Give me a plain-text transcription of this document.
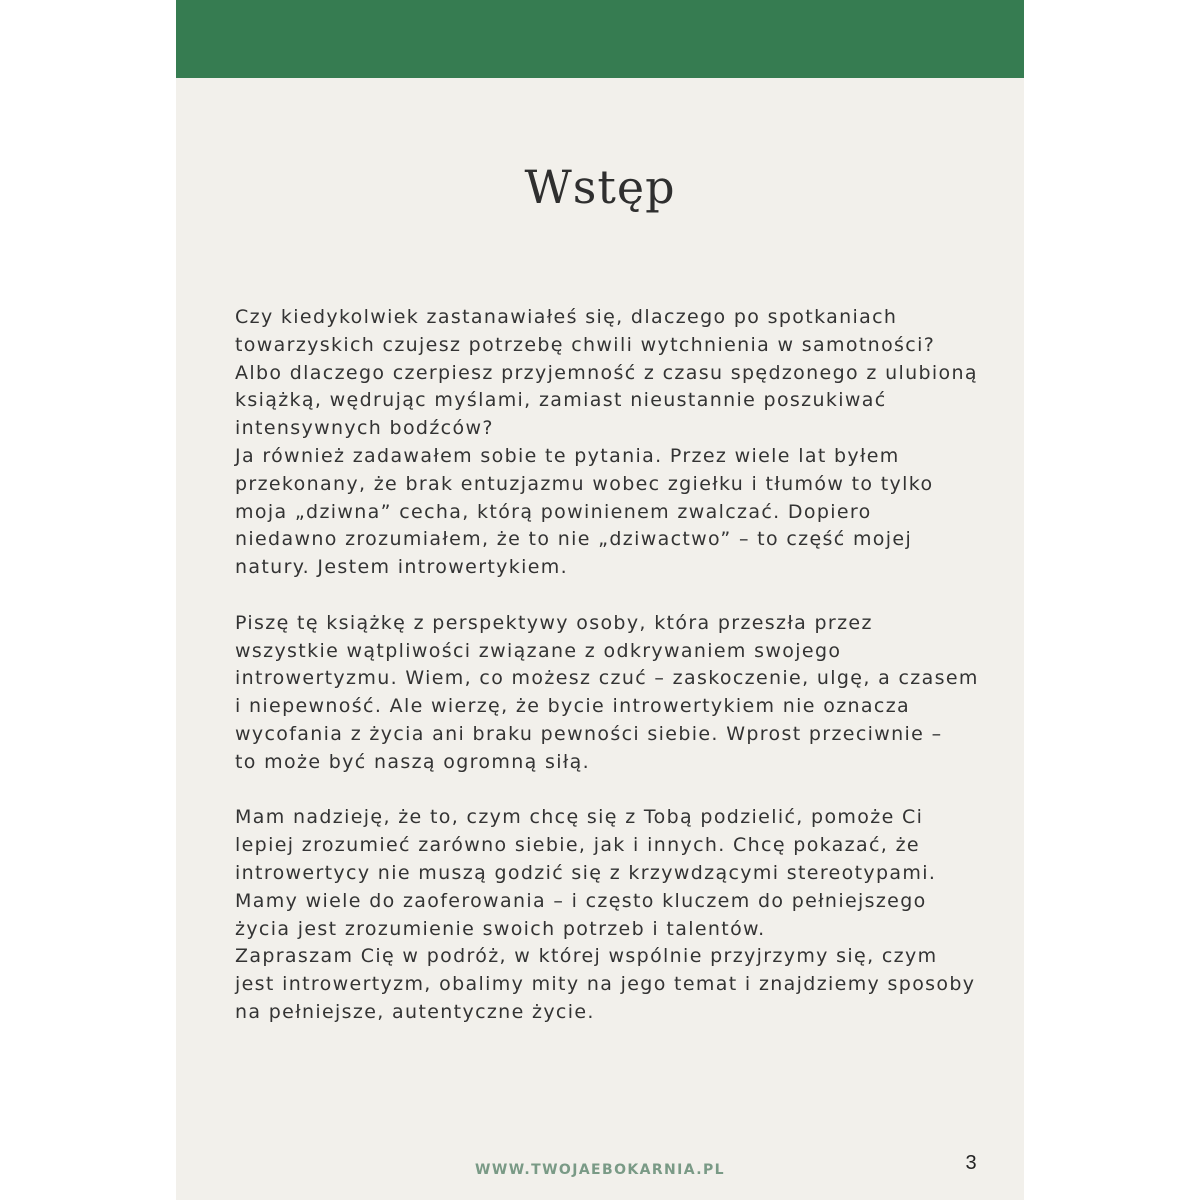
Wstęp

Czy kiedykolwiek zastanawiałeś się, dlaczego po spotkaniach
towarzyskich czujesz potrzebę chwili wytchnienia w samotności?
Albo dlaczego czerpiesz przyjemność z czasu spędzonego z ulubioną
książką, wędrując myślami, zamiast nieustannie poszukiwać
intensywnych bodźców?
Ja również zadawałem sobie te pytania. Przez wiele lat byłem
przekonany, że brak entuzjazmu wobec zgiełku i tłumów to tylko
moja „dziwna” cecha, którą powinienem zwalczać. Dopiero
niedawno zrozumiałem, że to nie „dziwactwo” – to część mojej
natury. Jestem introwertykiem.

Piszę tę książkę z perspektywy osoby, która przeszła przez
wszystkie wątpliwości związane z odkrywaniem swojego
introwertyzmu. Wiem, co możesz czuć – zaskoczenie, ulgę, a czasem
i niepewność. Ale wierzę, że bycie introwertykiem nie oznacza
wycofania z życia ani braku pewności siebie. Wprost przeciwnie –
to może być naszą ogromną siłą.

Mam nadzieję, że to, czym chcę się z Tobą podzielić, pomoże Ci
lepiej zrozumieć zarówno siebie, jak i innych. Chcę pokazać, że
introwertycy nie muszą godzić się z krzywdzącymi stereotypami.
Mamy wiele do zaoferowania – i często kluczem do pełniejszego
życia jest zrozumienie swoich potrzeb i talentów.
Zapraszam Cię w podróż, w której wspólnie przyjrzymy się, czym
jest introwertyzm, obalimy mity na jego temat i znajdziemy sposoby
na pełniejsze, autentyczne życie.

WWW.TWOJAEBOKARNIA.PL	3
